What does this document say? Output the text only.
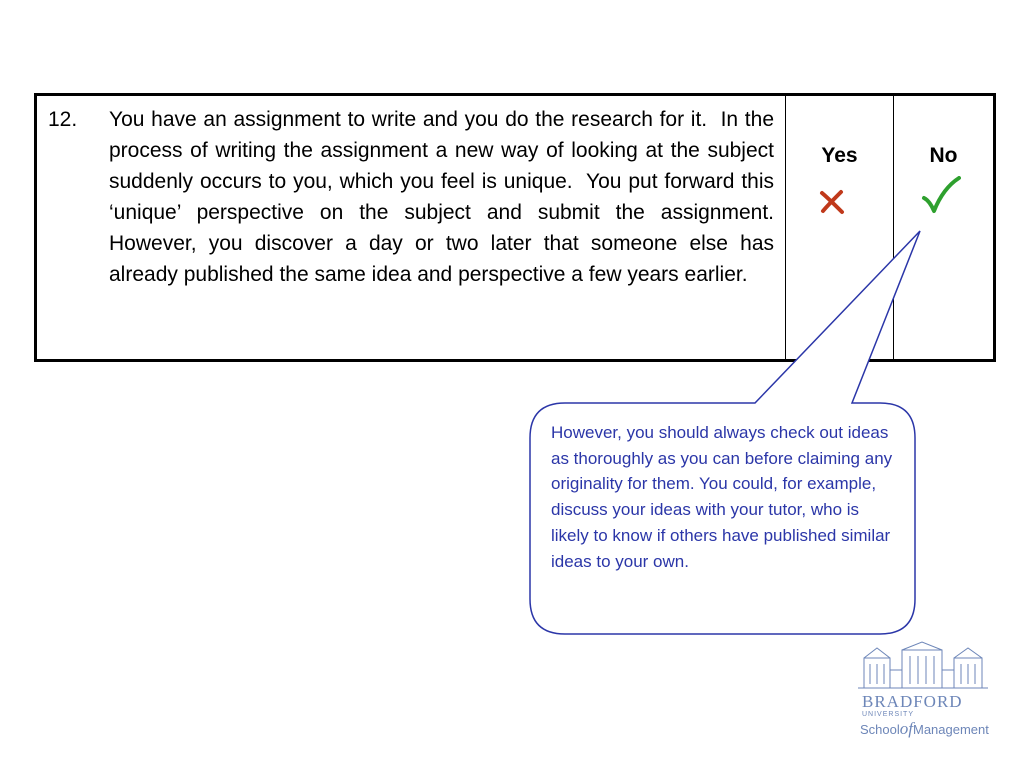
12. You have an assignment to write and you do the research for it.  In the process of writing the assignment a new way of looking at the subject suddenly occurs to you, which you feel is unique.  You put forward this ‘unique’ perspective on the subject and submit the assignment.  However, you discover a day or two later that someone else has already published the same idea and perspective a few years earlier.
Yes	No
However, you should always check out ideas as thoroughly as you can before claiming any originality for them. You could, for example, discuss your ideas with your tutor, who is likely to know if others have published similar ideas to your own.
BRADFORD
UNIVERSITY
SchoolofManagement
